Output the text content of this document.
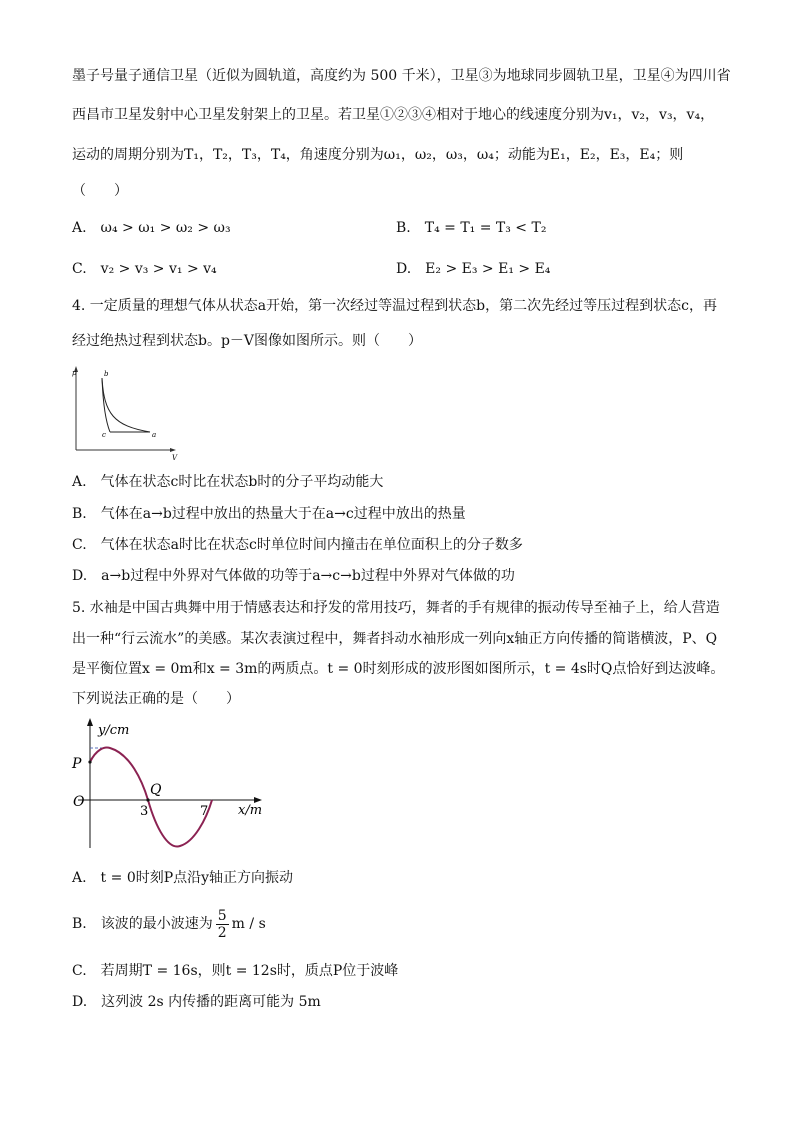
墨子号量子通信卫星（近似为圆轨道，高度约为 500 千米），卫星③为地球同步圆轨卫星，卫星④为四川省
西昌市卫星发射中心卫星发射架上的卫星。若卫星①②③④相对于地心的线速度分别为v₁，v₂，v₃，v₄，
运动的周期分别为T₁，T₂，T₃，T₄，角速度分别为ω₁，ω₂，ω₃，ω₄；动能为E₁，E₂，E₃，E₄；则
（　　）
A.　ω₄ > ω₁ > ω₂ > ω₃	B.　T₄ = T₁ = T₃ < T₂
C.　v₂ > v₃ > v₁ > v₄	D.　E₂ > E₃ > E₁ > E₄
4. 一定质量的理想气体从状态a开始，第一次经过等温过程到状态b，第二次先经过等压过程到状态c，再
经过绝热过程到状态b。p－V图像如图所示。则（　　）
p
V
b
c	a
A.　气体在状态c时比在状态b时的分子平均动能大
B.　气体在a→b过程中放出的热量大于在a→c过程中放出的热量
C.　气体在状态a时比在状态c时单位时间内撞击在单位面积上的分子数多
D.　a→b过程中外界对气体做的功等于a→c→b过程中外界对气体做的功
5. 水袖是中国古典舞中用于情感表达和抒发的常用技巧，舞者的手有规律的振动传导至袖子上，给人营造
出一种“行云流水”的美感。某次表演过程中，舞者抖动水袖形成一列向x轴正方向传播的简谐横波，P、Q
是平衡位置x = 0m和x = 3m的两质点。t = 0时刻形成的波形图如图所示，t = 4s时Q点恰好到达波峰。
下列说法正确的是（　　）
y/cm
x/m
P
O
Q
3	7
A.　t = 0时刻P点沿y轴正方向振动
B.　该波的最小波速为 $\frac{5}{2}$ m / s
C.　若周期T = 16s，则t = 12s时，质点P位于波峰
D.　这列波 2s 内传播的距离可能为 5m
